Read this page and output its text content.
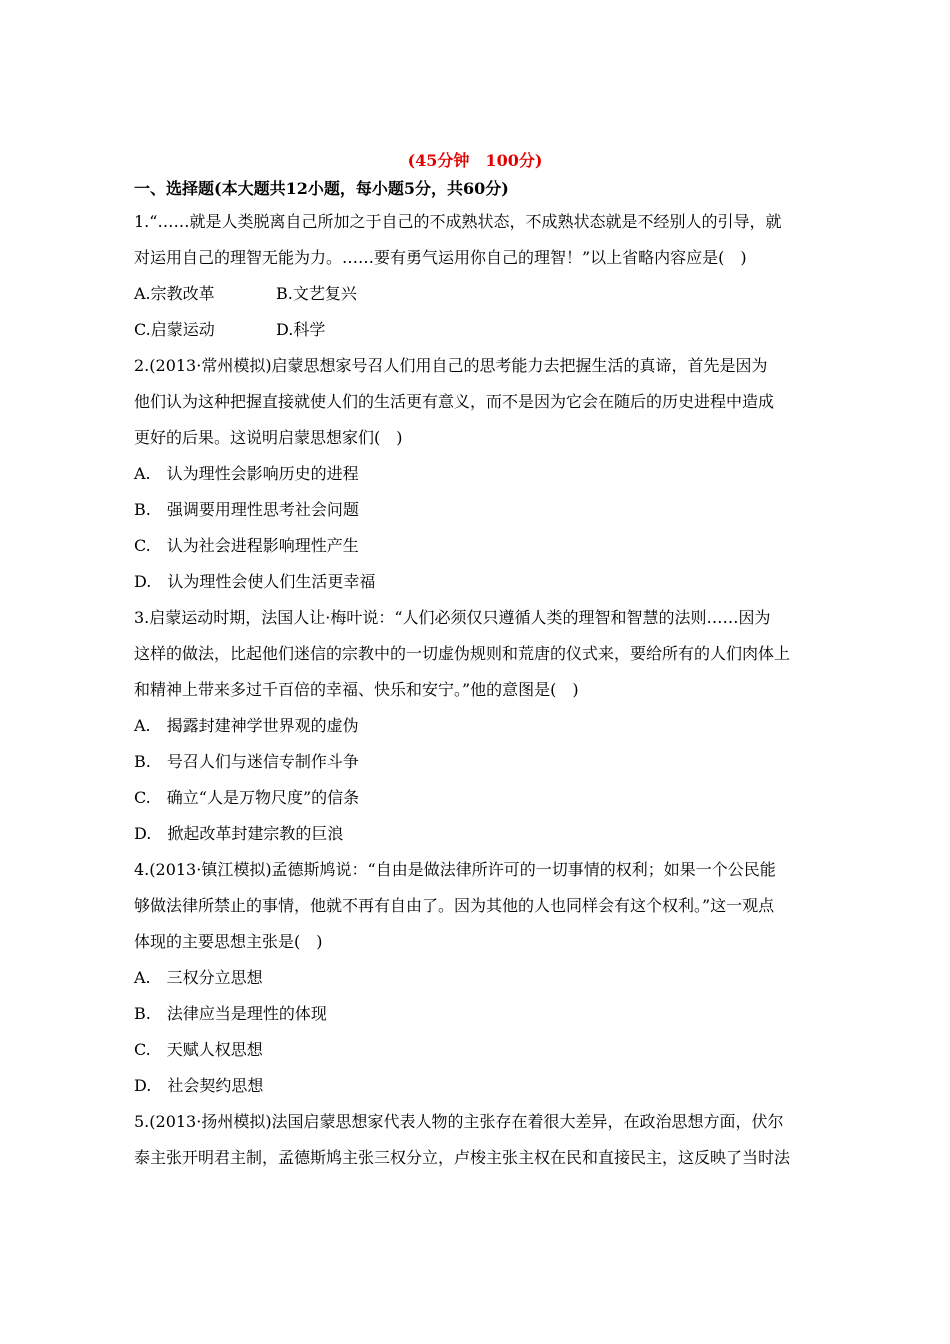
(45分钟　100分)
一、选择题(本大题共12小题，每小题5分，共60分)
1.“……就是人类脱离自己所加之于自己的不成熟状态，不成熟状态就是不经别人的引导，就
对运用自己的理智无能为力。……要有勇气运用你自己的理智！”以上省略内容应是(　)
A.宗教改革	B.文艺复兴
C.启蒙运动	D.科学
2.(2013·常州模拟)启蒙思想家号召人们用自己的思考能力去把握生活的真谛，首先是因为
他们认为这种把握直接就使人们的生活更有意义，而不是因为它会在随后的历史进程中造成
更好的后果。这说明启蒙思想家们(　)
A.　认为理性会影响历史的进程
B.　强调要用理性思考社会问题
C.　认为社会进程影响理性产生
D.　认为理性会使人们生活更幸福
3.启蒙运动时期，法国人让·梅叶说：“人们必须仅只遵循人类的理智和智慧的法则……因为
这样的做法，比起他们迷信的宗教中的一切虚伪规则和荒唐的仪式来，要给所有的人们肉体上
和精神上带来多过千百倍的幸福、快乐和安宁。”他的意图是(　)
A.　揭露封建神学世界观的虚伪
B.　号召人们与迷信专制作斗争
C.　确立“人是万物尺度”的信条
D.　掀起改革封建宗教的巨浪
4.(2013·镇江模拟)孟德斯鸠说：“自由是做法律所许可的一切事情的权利；如果一个公民能
够做法律所禁止的事情，他就不再有自由了。因为其他的人也同样会有这个权利。”这一观点
体现的主要思想主张是(　)
A.　三权分立思想
B.　法律应当是理性的体现
C.　天赋人权思想
D.　社会契约思想
5.(2013·扬州模拟)法国启蒙思想家代表人物的主张存在着很大差异，在政治思想方面，伏尔
泰主张开明君主制，孟德斯鸠主张三权分立，卢梭主张主权在民和直接民主，这反映了当时法
